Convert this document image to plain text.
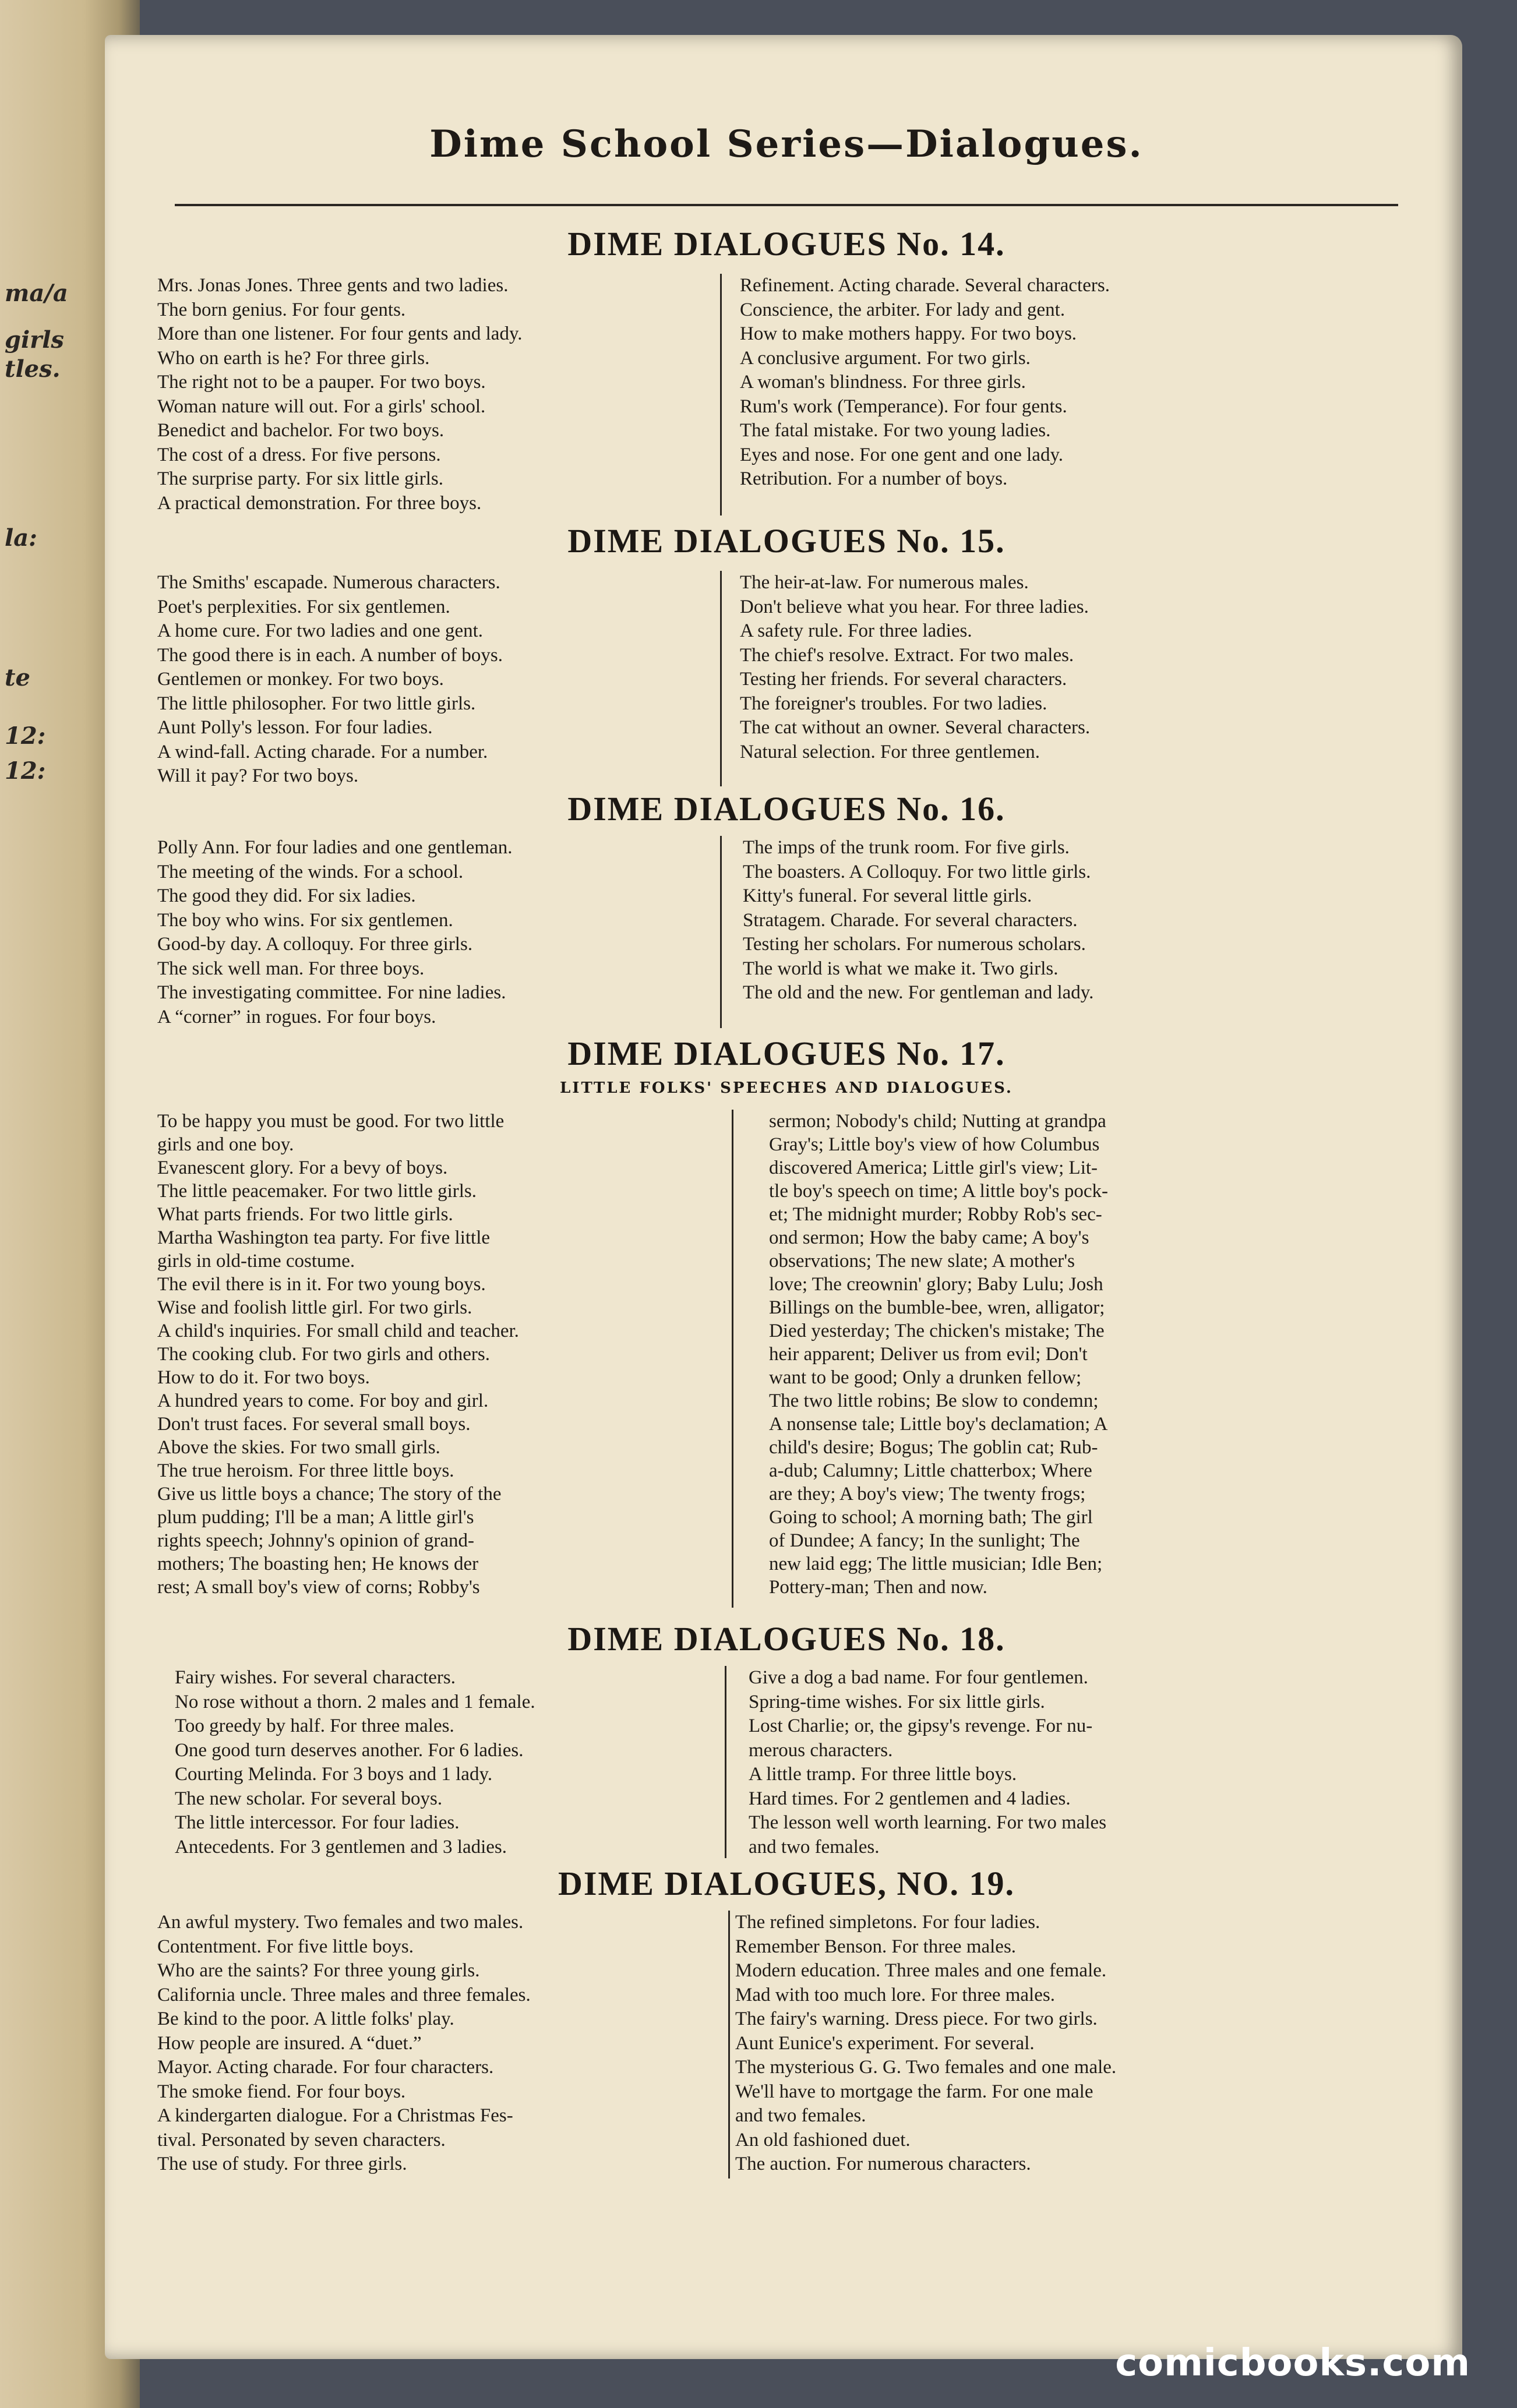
ma/a
girls
tles.
la:
te
12:
12:
Dime School Series—Dialogues.
DIME DIALOGUES No. 14.
Mrs. Jonas Jones. Three gents and two ladies.
The born genius. For four gents.
More than one listener. For four gents and lady.
Who on earth is he? For three girls.
The right not to be a pauper. For two boys.
Woman nature will out. For a girls' school.
Benedict and bachelor. For two boys.
The cost of a dress. For five persons.
The surprise party. For six little girls.
A practical demonstration. For three boys.
Refinement. Acting charade. Several characters.
Conscience, the arbiter. For lady and gent.
How to make mothers happy. For two boys.
A conclusive argument. For two girls.
A woman's blindness. For three girls.
Rum's work (Temperance). For four gents.
The fatal mistake. For two young ladies.
Eyes and nose. For one gent and one lady.
Retribution. For a number of boys.
DIME DIALOGUES No. 15.
The Smiths' escapade. Numerous characters.
Poet's perplexities. For six gentlemen.
A home cure. For two ladies and one gent.
The good there is in each. A number of boys.
Gentlemen or monkey. For two boys.
The little philosopher. For two little girls.
Aunt Polly's lesson. For four ladies.
A wind-fall. Acting charade. For a number.
Will it pay? For two boys.
The heir-at-law. For numerous males.
Don't believe what you hear. For three ladies.
A safety rule. For three ladies.
The chief's resolve. Extract. For two males.
Testing her friends. For several characters.
The foreigner's troubles. For two ladies.
The cat without an owner. Several characters.
Natural selection. For three gentlemen.
DIME DIALOGUES No. 16.
Polly Ann. For four ladies and one gentleman.
The meeting of the winds. For a school.
The good they did. For six ladies.
The boy who wins. For six gentlemen.
Good-by day. A colloquy. For three girls.
The sick well man. For three boys.
The investigating committee. For nine ladies.
A “corner” in rogues. For four boys.
The imps of the trunk room. For five girls.
The boasters. A Colloquy. For two little girls.
Kitty's funeral. For several little girls.
Stratagem. Charade. For several characters.
Testing her scholars. For numerous scholars.
The world is what we make it. Two girls.
The old and the new. For gentleman and lady.
DIME DIALOGUES No. 17.
LITTLE FOLKS' SPEECHES AND DIALOGUES.
To be happy you must be good. For two little
girls and one boy.
Evanescent glory. For a bevy of boys.
The little peacemaker. For two little girls.
What parts friends. For two little girls.
Martha Washington tea party. For five little
girls in old-time costume.
The evil there is in it. For two young boys.
Wise and foolish little girl. For two girls.
A child's inquiries. For small child and teacher.
The cooking club. For two girls and others.
How to do it. For two boys.
A hundred years to come. For boy and girl.
Don't trust faces. For several small boys.
Above the skies. For two small girls.
The true heroism. For three little boys.
Give us little boys a chance; The story of the
plum pudding; I'll be a man; A little girl's
rights speech; Johnny's opinion of grand-
mothers; The boasting hen; He knows der
rest; A small boy's view of corns; Robby's
sermon; Nobody's child; Nutting at grandpa
Gray's; Little boy's view of how Columbus
discovered America; Little girl's view; Lit-
tle boy's speech on time; A little boy's pock-
et; The midnight murder; Robby Rob's sec-
ond sermon; How the baby came; A boy's
observations; The new slate; A mother's
love; The creownin' glory; Baby Lulu; Josh
Billings on the bumble-bee, wren, alligator;
Died yesterday; The chicken's mistake; The
heir apparent; Deliver us from evil; Don't
want to be good; Only a drunken fellow;
The two little robins; Be slow to condemn;
A nonsense tale; Little boy's declamation; A
child's desire; Bogus; The goblin cat; Rub-
a-dub; Calumny; Little chatterbox; Where
are they; A boy's view; The twenty frogs;
Going to school; A morning bath; The girl
of Dundee; A fancy; In the sunlight; The
new laid egg; The little musician; Idle Ben;
Pottery-man; Then and now.
DIME DIALOGUES No. 18.
Fairy wishes. For several characters.
No rose without a thorn. 2 males and 1 female.
Too greedy by half. For three males.
One good turn deserves another. For 6 ladies.
Courting Melinda. For 3 boys and 1 lady.
The new scholar. For several boys.
The little intercessor. For four ladies.
Antecedents. For 3 gentlemen and 3 ladies.
Give a dog a bad name. For four gentlemen.
Spring-time wishes. For six little girls.
Lost Charlie; or, the gipsy's revenge. For nu-
merous characters.
A little tramp. For three little boys.
Hard times. For 2 gentlemen and 4 ladies.
The lesson well worth learning. For two males
and two females.
DIME DIALOGUES, NO. 19.
An awful mystery. Two females and two males.
Contentment. For five little boys.
Who are the saints? For three young girls.
California uncle. Three males and three females.
Be kind to the poor. A little folks' play.
How people are insured. A “duet.”
Mayor. Acting charade. For four characters.
The smoke fiend. For four boys.
A kindergarten dialogue. For a Christmas Fes-
tival. Personated by seven characters.
The use of study. For three girls.
The refined simpletons. For four ladies.
Remember Benson. For three males.
Modern education. Three males and one female.
Mad with too much lore. For three males.
The fairy's warning. Dress piece. For two girls.
Aunt Eunice's experiment. For several.
The mysterious G. G. Two females and one male.
We'll have to mortgage the farm. For one male
and two females.
An old fashioned duet.
The auction. For numerous characters.
comicbooks.com
